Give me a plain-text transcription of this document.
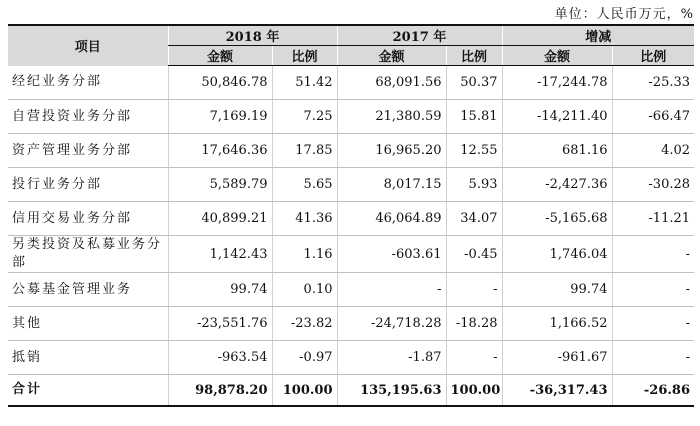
单位：人民币万元，%
项目	2018 年		2017 年		增减	
	金额	比例	金额	比例	金额	比例
经纪业务分部	50,846.78	51.42	68,091.56	50.37	-17,244.78	-25.33
自营投资业务分部	7,169.19	7.25	21,380.59	15.81	-14,211.40	-66.47
资产管理业务分部	17,646.36	17.85	16,965.20	12.55	681.16	4.02
投行业务分部	5,589.79	5.65	8,017.15	5.93	-2,427.36	-30.28
信用交易业务分部	40,899.21	41.36	46,064.89	34.07	-5,165.68	-11.21
另类投资及私募业务分部	1,142.43	1.16	-603.61	-0.45	1,746.04	-
公募基金管理业务	99.74	0.10	-	-	99.74	-
其他	-23,551.76	-23.82	-24,718.28	-18.28	1,166.52	-
抵销	-963.54	-0.97	-1.87	-	-961.67	-
合计	98,878.20	100.00	135,195.63	100.00	-36,317.43	-26.86
